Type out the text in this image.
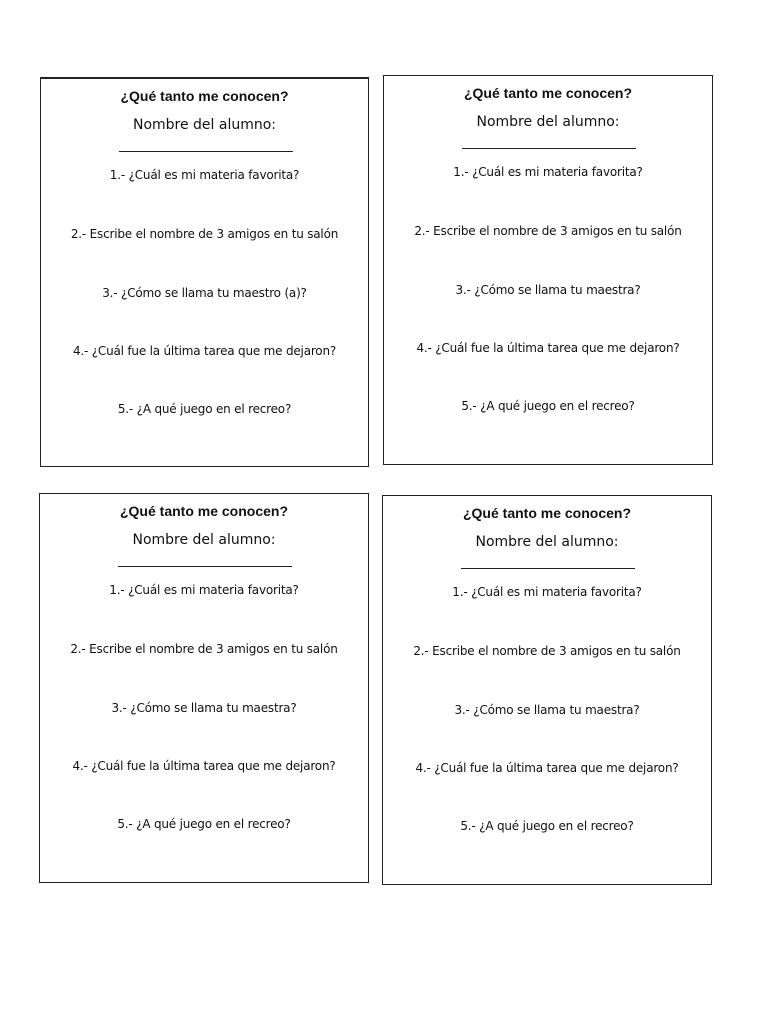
¿Qué tanto me conocen?
Nombre del alumno:
1.- ¿Cuál es mi materia favorita?
2.- Escribe el nombre de 3 amigos en tu salón
3.- ¿Cómo se llama tu maestro (a)?
4.- ¿Cuál fue la última tarea que me dejaron?
5.- ¿A qué juego en el recreo?
¿Qué tanto me conocen?
Nombre del alumno:
1.- ¿Cuál es mi materia favorita?
2.- Escribe el nombre de 3 amigos en tu salón
3.- ¿Cómo se llama tu maestra?
4.- ¿Cuál fue la última tarea que me dejaron?
5.- ¿A qué juego en el recreo?
¿Qué tanto me conocen?
Nombre del alumno:
1.- ¿Cuál es mi materia favorita?
2.- Escribe el nombre de 3 amigos en tu salón
3.- ¿Cómo se llama tu maestra?
4.- ¿Cuál fue la última tarea que me dejaron?
5.- ¿A qué juego en el recreo?
¿Qué tanto me conocen?
Nombre del alumno:
1.- ¿Cuál es mi materia favorita?
2.- Escribe el nombre de 3 amigos en tu salón
3.- ¿Cómo se llama tu maestra?
4.- ¿Cuál fue la última tarea que me dejaron?
5.- ¿A qué juego en el recreo?
